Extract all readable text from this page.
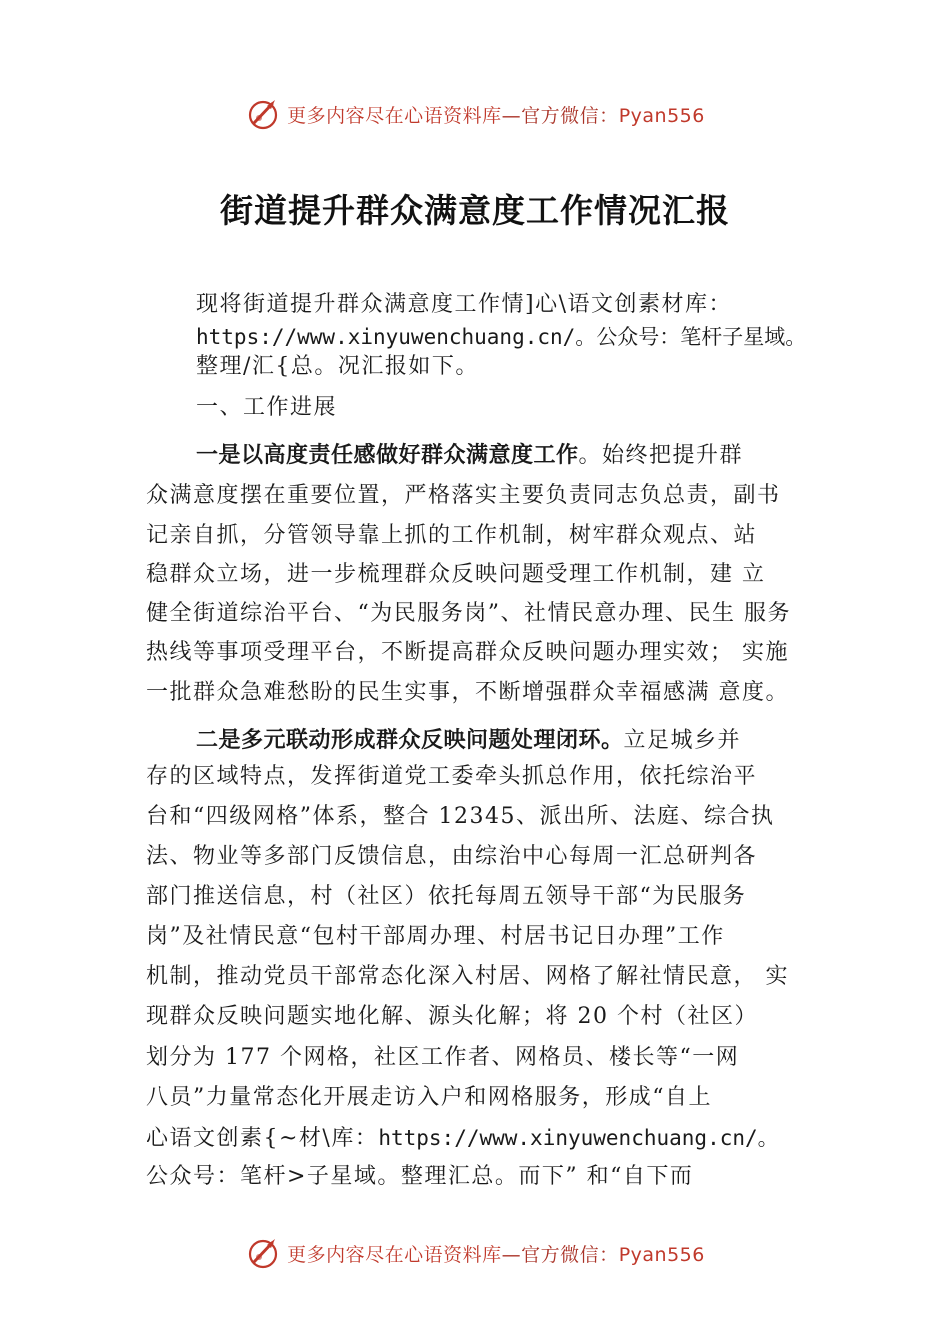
更多内容尽在心语资料库—官方微信：Pyan556
街道提升群众满意度工作情况汇报
现将街道提升群众满意度工作情]心\语文创素材库：
https://www.xinyuwenchuang.cn/。公众号：笔杆子星域。
整理/汇{总。况汇报如下。
一、工作进展
一是以高度责任感做好群众满意度工作。始终把提升群
众满意度摆在重要位置，严格落实主要负责同志负总责，副书
记亲自抓，分管领导靠上抓的工作机制，树牢群众观点、站
稳群众立场，进一步梳理群众反映问题受理工作机制，建 立
健全街道综治平台、“为民服务岗”、社情民意办理、民生 服务
热线等事项受理平台，不断提高群众反映问题办理实效； 实施
一批群众急难愁盼的民生实事，不断增强群众幸福感满 意度。
二是多元联动形成群众反映问题处理闭环。立足城乡并
存的区域特点，发挥街道党工委牵头抓总作用，依托综治平
台和“四级网格”体系，整合 12345、派出所、法庭、综合执
法、物业等多部门反馈信息，由综治中心每周一汇总研判各
部门推送信息，村（社区）依托每周五领导干部“为民服务
岗”及社情民意“包村干部周办理、村居书记日办理”工作
机制，推动党员干部常态化深入村居、网格了解社情民意， 实
现群众反映问题实地化解、源头化解；将 20 个村（社区）
划分为 177 个网格，社区工作者、网格员、楼长等“一网
八员”力量常态化开展走访入户和网格服务，形成“自上
心语文创素{~材\库：https://www.xinyuwenchuang.cn/。
公众号：笔杆>子星域。整理汇总。而下” 和“自下而
更多内容尽在心语资料库—官方微信：Pyan556
